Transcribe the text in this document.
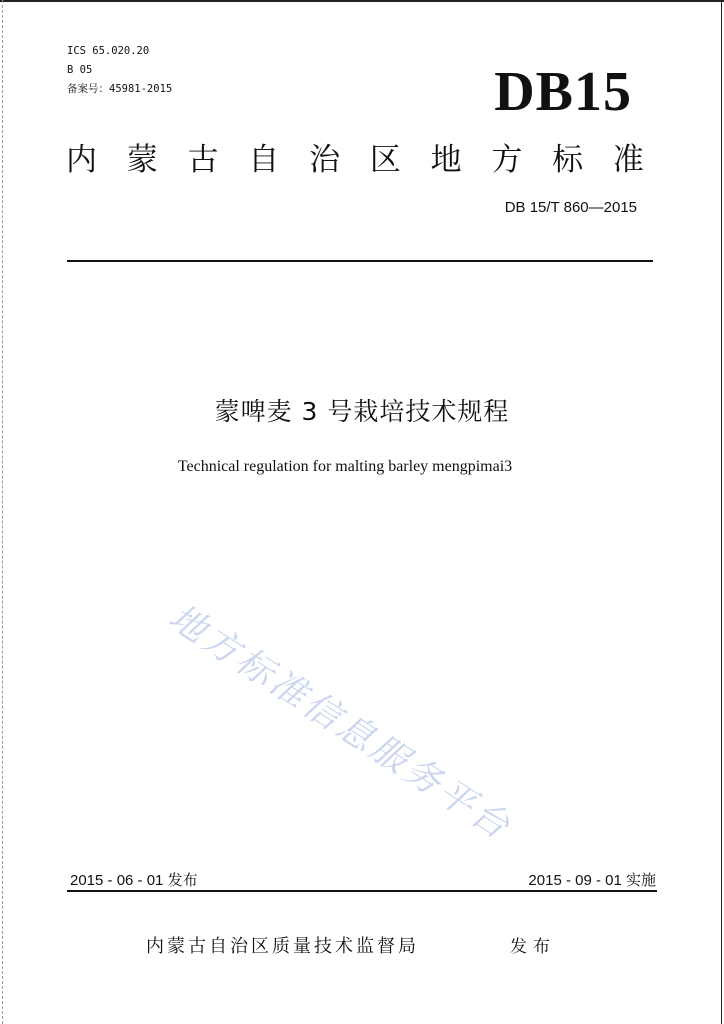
ICS 65.020.20
B 05
备案号：45981-2015	DB15
内 蒙 古 自 治 区 地 方 标 准
DB 15/T 860—2015
蒙啤麦 3 号栽培技术规程
Technical regulation for malting barley mengpimai3
地方标准信息服务平台
2015 - 06 - 01 发布	2015 - 09 - 01 实施
内蒙古自治区质量技术监督局	发布
